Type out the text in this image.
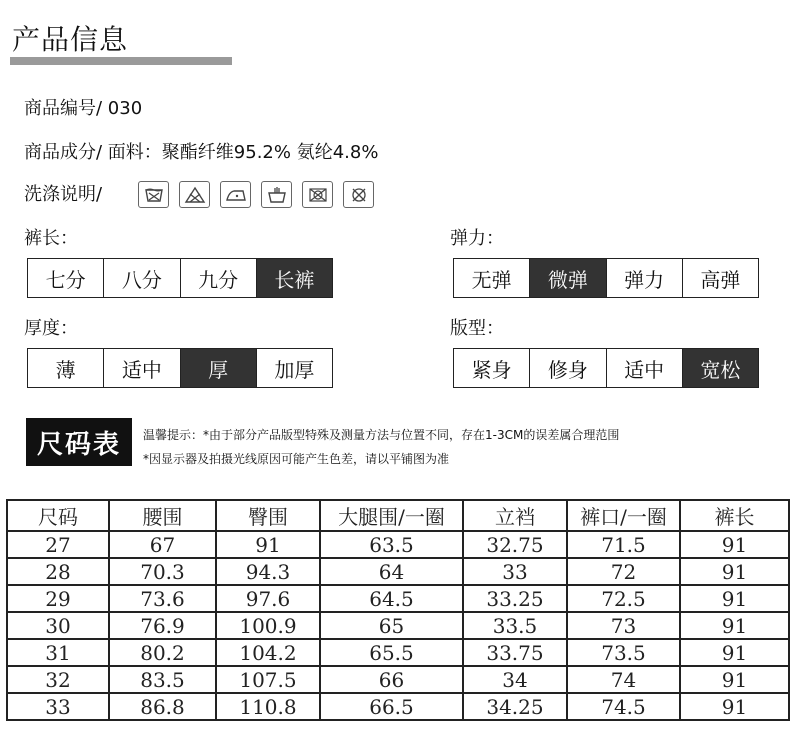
产品信息
商品编号/ 030
商品成分/ 面料：聚酯纤维95.2% 氨纶4.8%
洗涤说明/
裤长：
七分	八分	九分	长裤
弹力：
无弹	微弹	弹力	高弹
厚度：
薄	适中	厚	加厚
版型：
紧身	修身	适中	宽松
尺码表	温馨提示：*由于部分产品版型特殊及测量方法与位置不同，存在1-3CM的误差属合理范围
*因显示器及拍摄光线原因可能产生色差，请以平铺图为准
尺码	腰围	臀围	大腿围/一圈	立裆	裤口/一圈	裤长
27	67	91	63.5	32.75	71.5	91
28	70.3	94.3	64	33	72	91
29	73.6	97.6	64.5	33.25	72.5	91
30	76.9	100.9	65	33.5	73	91
31	80.2	104.2	65.5	33.75	73.5	91
32	83.5	107.5	66	34	74	91
33	86.8	110.8	66.5	34.25	74.5	91
